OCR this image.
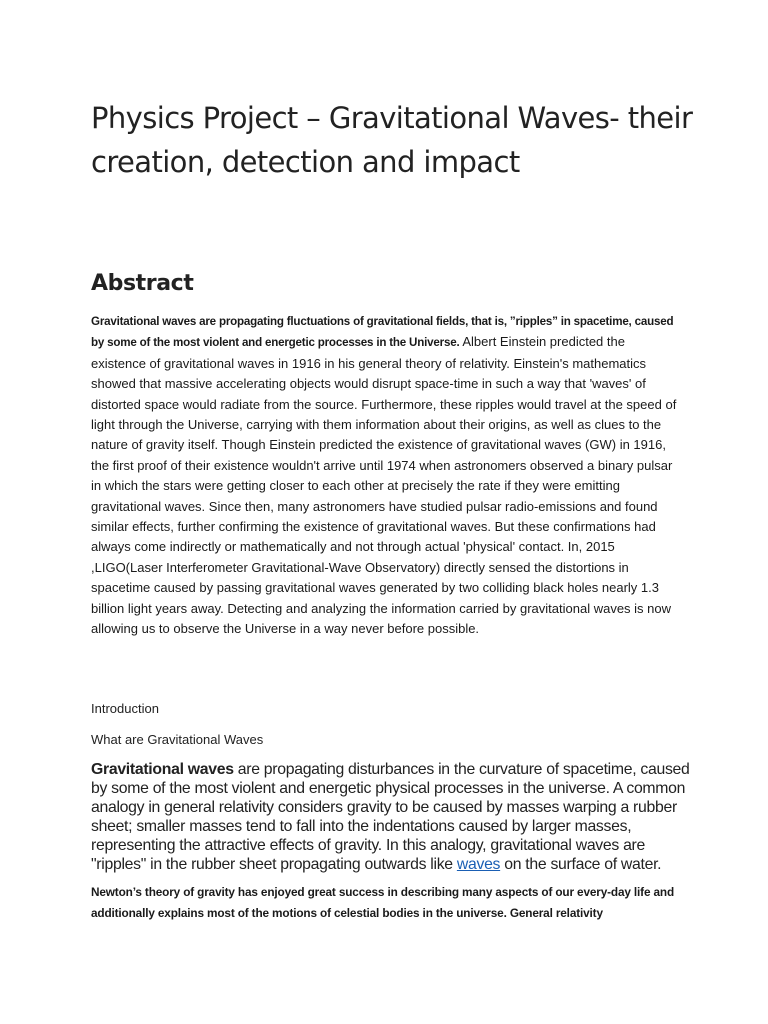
Physics Project – Gravitational Waves- their creation, detection and impact
Abstract

Gravitational waves are propagating fluctuations of gravitational fields, that is, ”ripples” in spacetime, caused by some of the most violent and energetic processes in the Universe. Albert Einstein predicted the existence of gravitational waves in 1916 in his general theory of relativity. Einstein's mathematics showed that massive accelerating objects would disrupt space-time in such a way that 'waves' of distorted space would radiate from the source. Furthermore, these ripples would travel at the speed of light through the Universe, carrying with them information about their origins, as well as clues to the nature of gravity itself. Though Einstein predicted the existence of gravitational waves (GW) in 1916, the first proof of their existence wouldn't arrive until 1974 when astronomers observed a binary pulsar in which the stars were getting closer to each other at precisely the rate if they were emitting gravitational waves. Since then, many astronomers have studied pulsar radio-emissions and found similar effects, further confirming the existence of gravitational waves. But these confirmations had always come indirectly or mathematically and not through actual 'physical' contact. In, 2015 ,LIGO(Laser Interferometer Gravitational-Wave Observatory) directly sensed the distortions in spacetime caused by passing gravitational waves generated by two colliding black holes nearly 1.3 billion light years away. Detecting and analyzing the information carried by gravitational waves is now allowing us to observe the Universe in a way never before possible.

Introduction

What are Gravitational Waves

Gravitational waves are propagating disturbances in the curvature of spacetime, caused by some of the most violent and energetic physical processes in the universe. A common analogy in general relativity considers gravity to be caused by masses warping a rubber sheet; smaller masses tend to fall into the indentations caused by larger masses, representing the attractive effects of gravity. In this analogy, gravitational waves are "ripples" in the rubber sheet propagating outwards like waves on the surface of water.

Newton’s theory of gravity has enjoyed great success in describing many aspects of our every-day life and additionally explains most of the motions of celestial bodies in the universe. General relativity
